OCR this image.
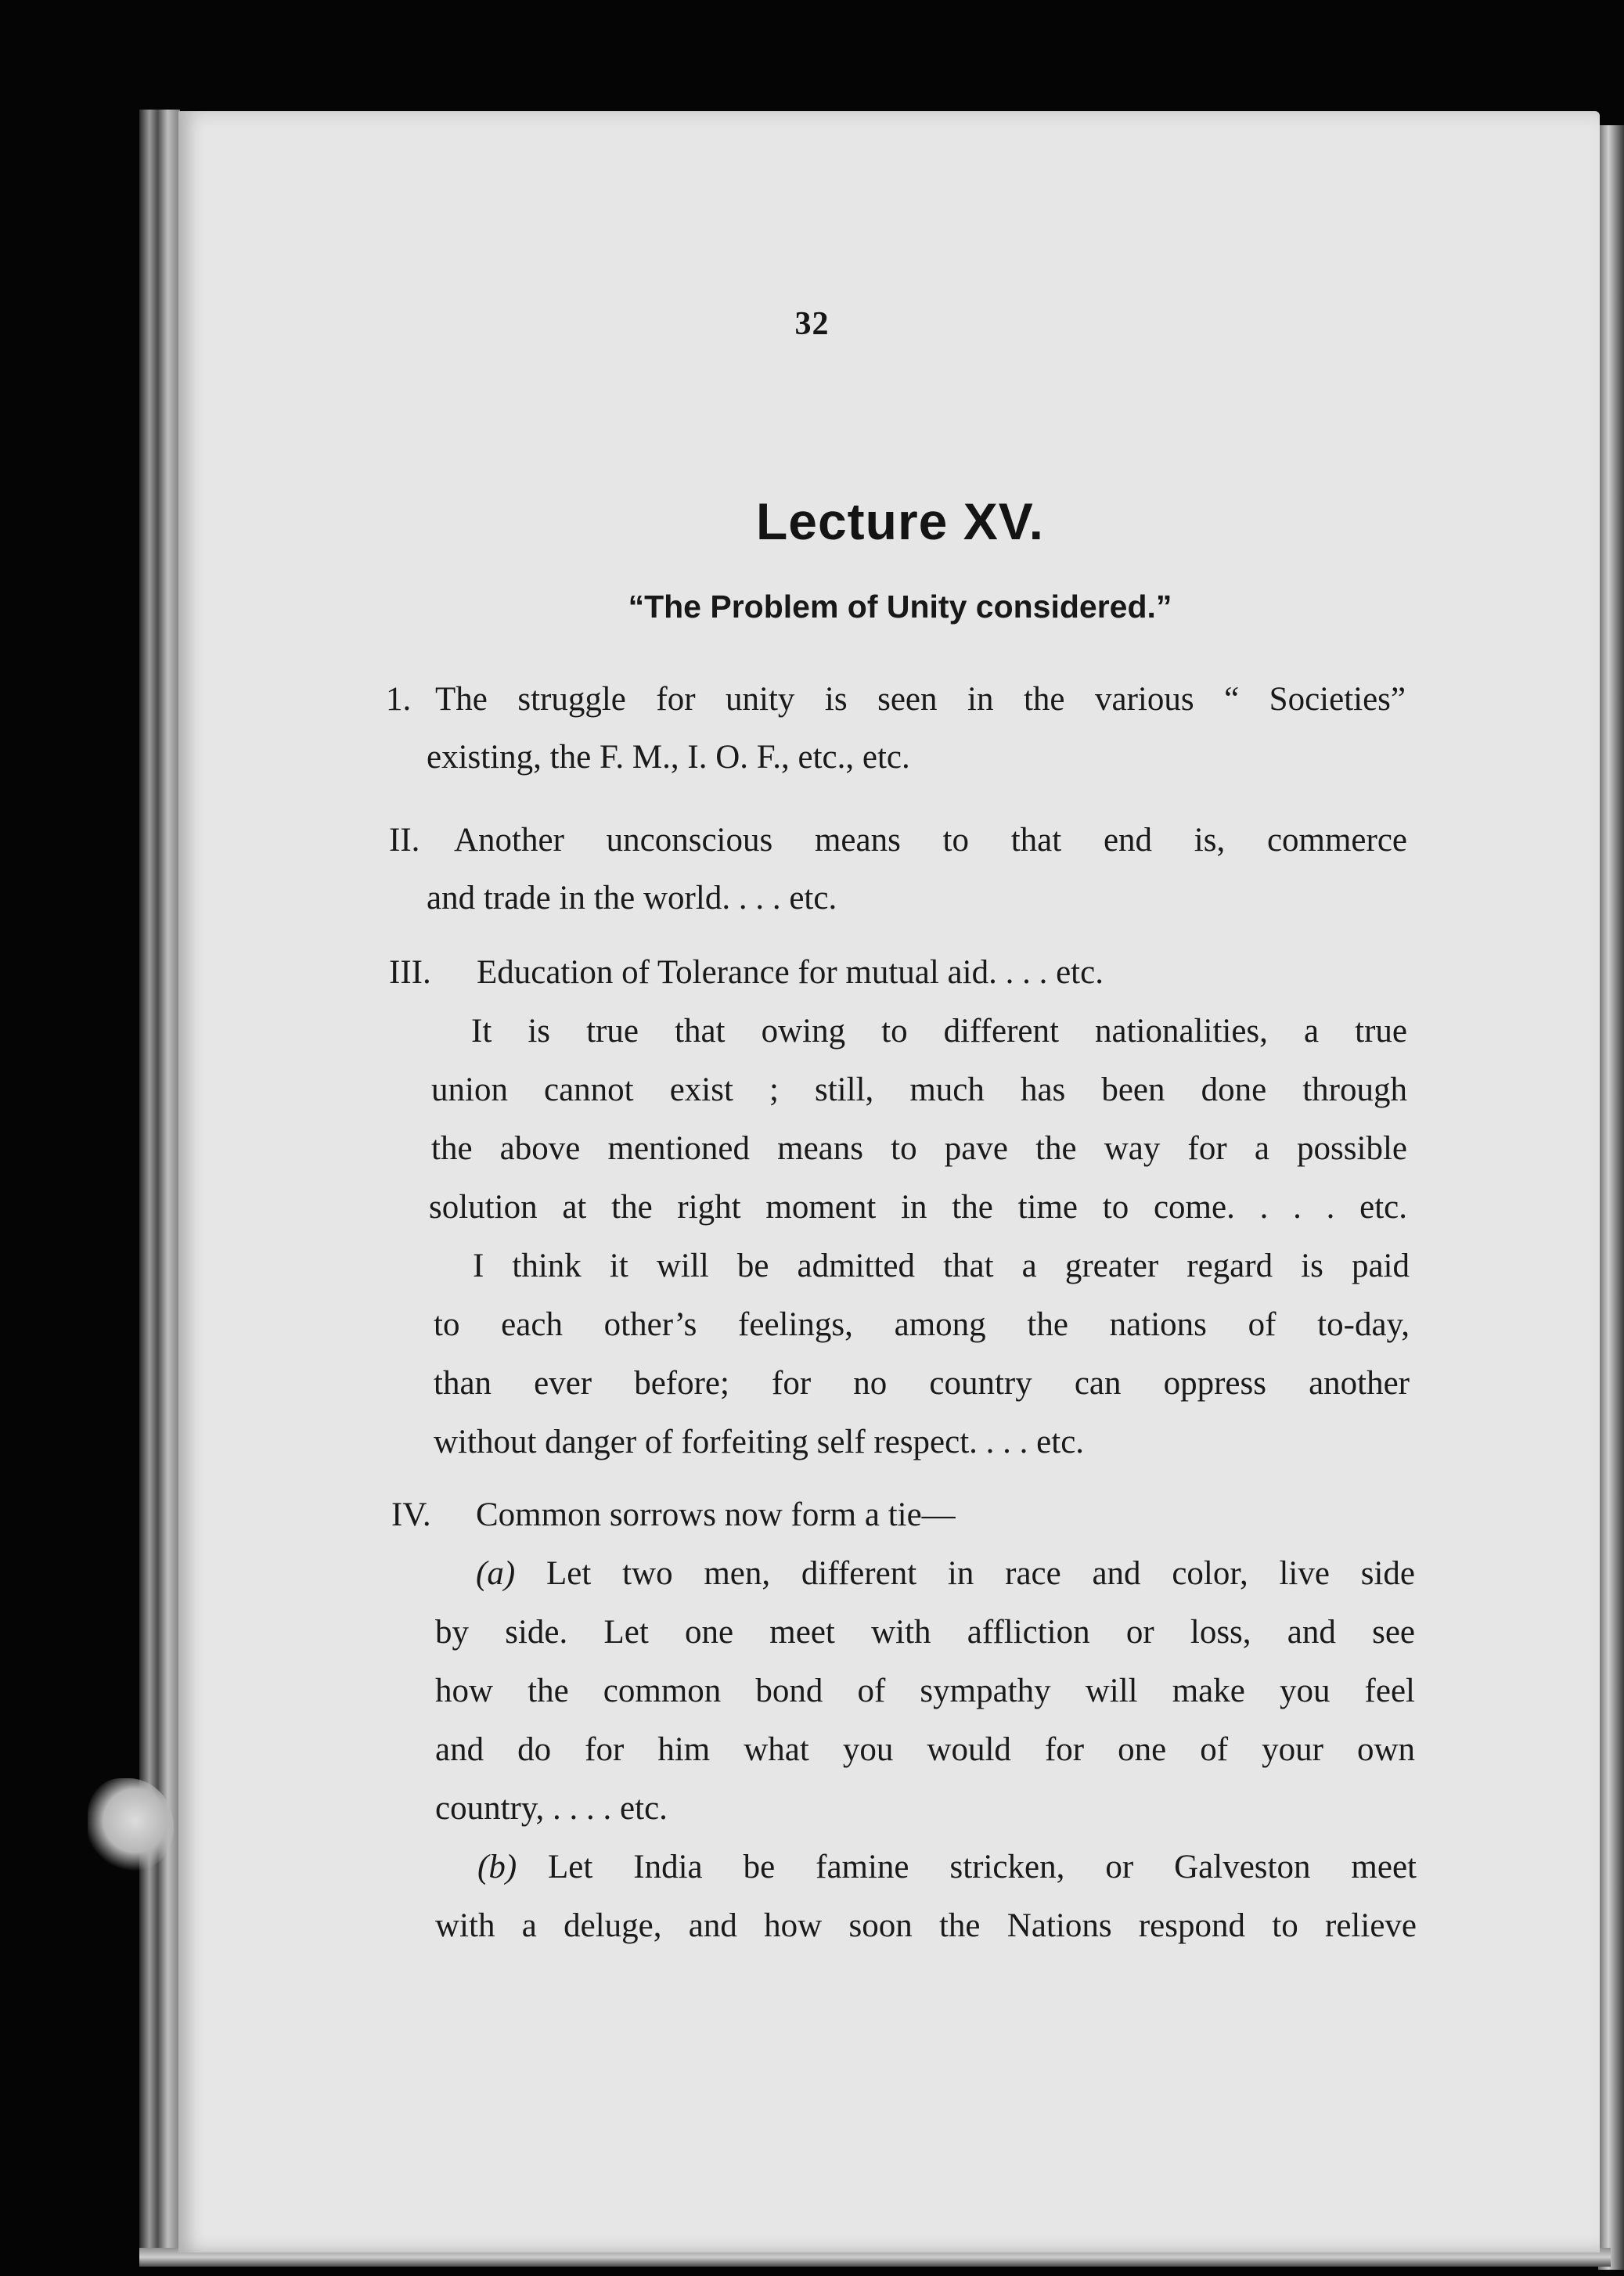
32
Lecture XV.
“The Problem of Unity considered.”
1. The struggle for unity is seen in the various “ Societies”
existing, the F. M., I. O. F., etc., etc.
II. Another unconscious means to that end is, commerce
and trade in the world. . . . etc.
III. Education of Tolerance for mutual aid. . . . etc.
It is true that owing to different nationalities, a true
union cannot exist ; still, much has been done through
the above mentioned means to pave the way for a possible
solution at the right moment in the time to come. . . . etc.
I think it will be admitted that a greater regard is paid
to each other’s feelings, among the nations of to-day,
than ever before; for no country can oppress another
without danger of forfeiting self respect. . . . etc.
IV. Common sorrows now form a tie—
(a) Let two men, different in race and color, live side
by side. Let one meet with affliction or loss, and see
how the common bond of sympathy will make you feel
and do for him what you would for one of your own
country, . . . . etc.
(b) Let India be famine stricken, or Galveston meet
with a deluge, and how soon the Nations respond to relieve
